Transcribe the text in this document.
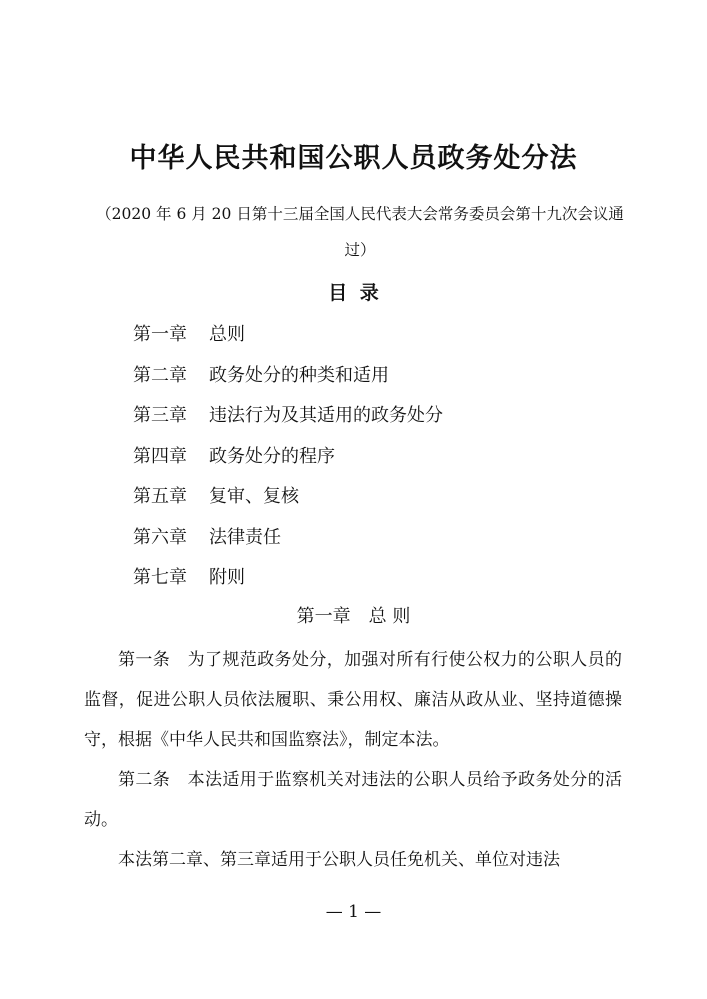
中华人民共和国公职人员政务处分法
（2020 年 6 月 20 日第十三届全国人民代表大会常务委员会第十九次会议通过）
目 录
第一章 总则
第二章 政务处分的种类和适用
第三章 违法行为及其适用的政务处分
第四章 政务处分的程序
第五章 复审、复核
第六章 法律责任
第七章 附则
第一章　总 则

第一条　 为了规范政务处分，加强对所有行使公权力的公职人员的监督，促进公职人员依法履职、秉公用权、廉洁从政从业、坚持道德操守，根据《中华人民共和国监察法》，制定本法。

第二条　 本法适用于监察机关对违法的公职人员给予政务处分的活动。

本法第二章、第三章适用于公职人员任免机关、单位对违法

— 1 —
